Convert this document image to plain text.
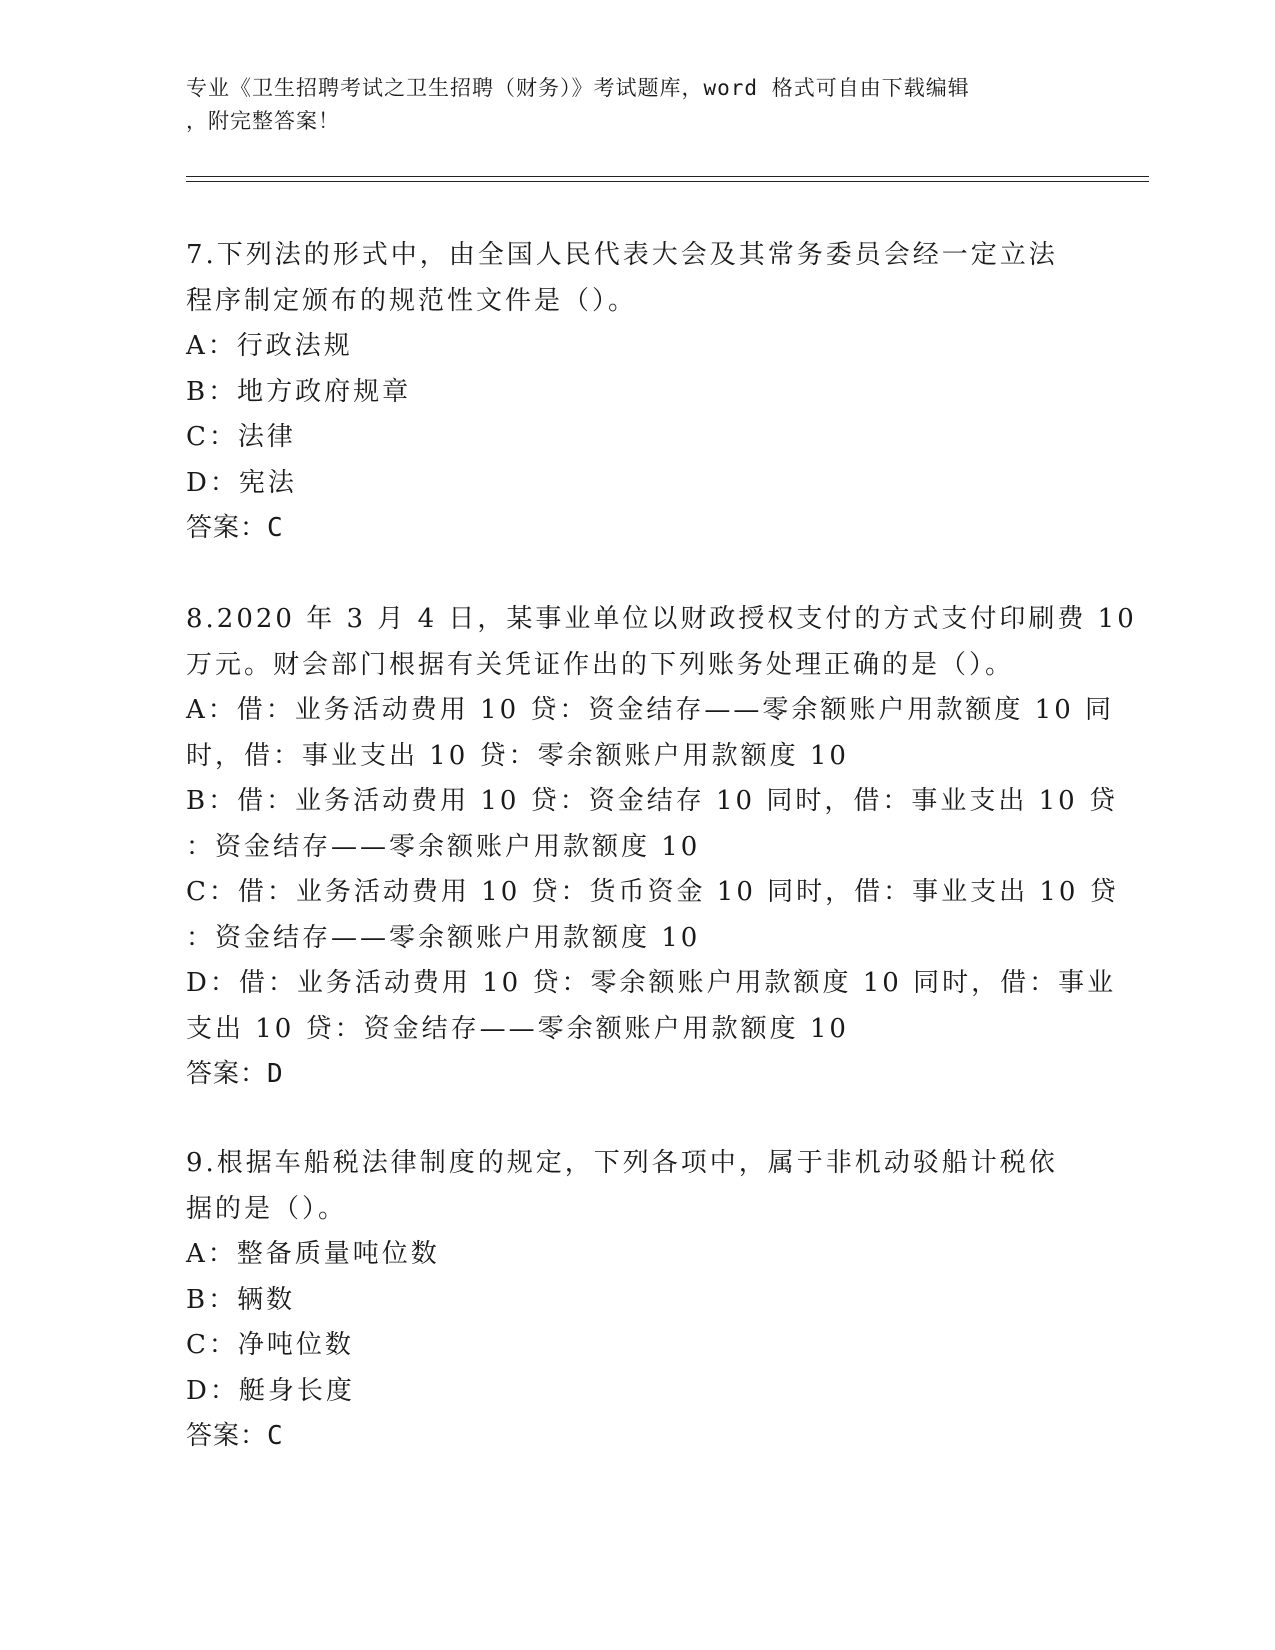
专业《卫生招聘考试之卫生招聘（财务）》考试题库，word 格式可自由下载编辑
，附完整答案！
7.下列法的形式中，由全国人民代表大会及其常务委员会经一定立法
程序制定颁布的规范性文件是（）。
A：行政法规
B：地方政府规章
C：法律
D：宪法
答案：C
8.2020 年 3 月 4 日，某事业单位以财政授权支付的方式支付印刷费 10
万元。财会部门根据有关凭证作出的下列账务处理正确的是（）。
A：借：业务活动费用 10 贷：资金结存——零余额账户用款额度 10 同
时，借：事业支出 10 贷：零余额账户用款额度 10
B：借：业务活动费用 10 贷：资金结存 10 同时，借：事业支出 10 贷
：资金结存——零余额账户用款额度 10
C：借：业务活动费用 10 贷：货币资金 10 同时，借：事业支出 10 贷
：资金结存——零余额账户用款额度 10
D：借：业务活动费用 10 贷：零余额账户用款额度 10 同时，借：事业
支出 10 贷：资金结存——零余额账户用款额度 10
答案：D
9.根据车船税法律制度的规定，下列各项中，属于非机动驳船计税依
据的是（）。
A：整备质量吨位数
B：辆数
C：净吨位数
D：艇身长度
答案：C
